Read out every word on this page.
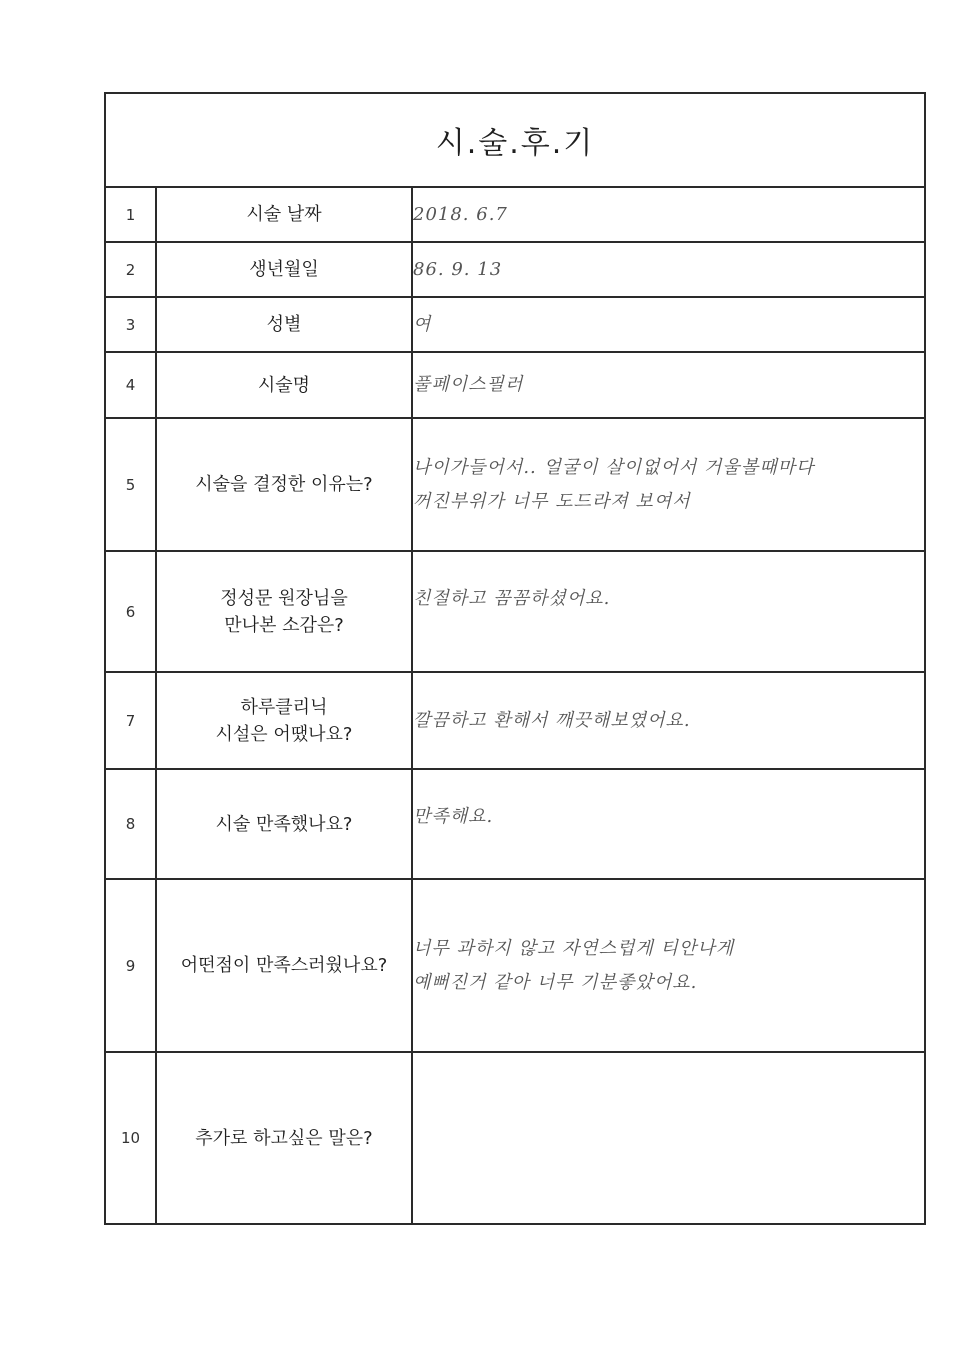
시.술.후.기		
1	시술 날짜	2018. 6.7

2	생년월일	86. 9. 13

3	성별	여

4	시술명	풀페이스필러

5	시술을 결정한 이유는?	나이가들어서.. 얼굴이 살이없어서 거울볼때마다
꺼진부위가 너무 도드라져 보여서

6	정성문 원장님을
만나본 소감은?	친절하고 꼼꼼하셨어요.

7	하루클리닉
시설은 어땠나요?	깔끔하고 환해서 깨끗해보였어요.

8	시술 만족했나요?	만족해요.

9	어떤점이 만족스러웠나요?	너무 과하지 않고 자연스럽게 티안나게
예뻐진거 같아 너무 기분좋았어요.

10	추가로 하고싶은 말은?	
